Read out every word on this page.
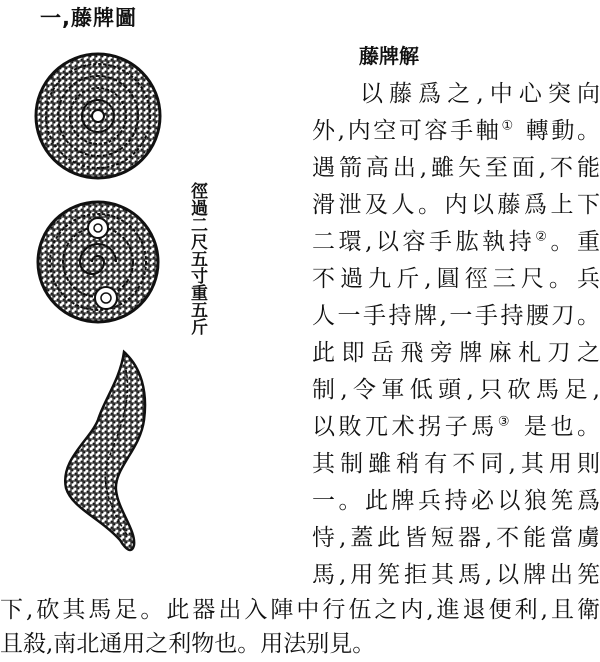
一,藤牌圖
徑過二尺五寸重五斤
藤牌解
以藤爲之,中心突向
外,内空可容手軸① 轉動。
遇箭高出,雖矢至面,不能
滑泄及人。内以藤爲上下
二環,以容手肱執持②。重
不過九斤,圓徑三尺。兵
人一手持牌,一手持腰刀。
此即岳飛旁牌麻札刀之
制,令軍低頭,只砍馬足,
以敗兀术拐子馬③ 是也。
其制雖稍有不同,其用則
一。此牌兵持必以狼筅爲
恃,蓋此皆短器,不能當虜
馬,用筅拒其馬,以牌出筅
下,砍其馬足。此器出入陣中行伍之内,進退便利,且衛
且殺,南北通用之利物也。用法别見。
